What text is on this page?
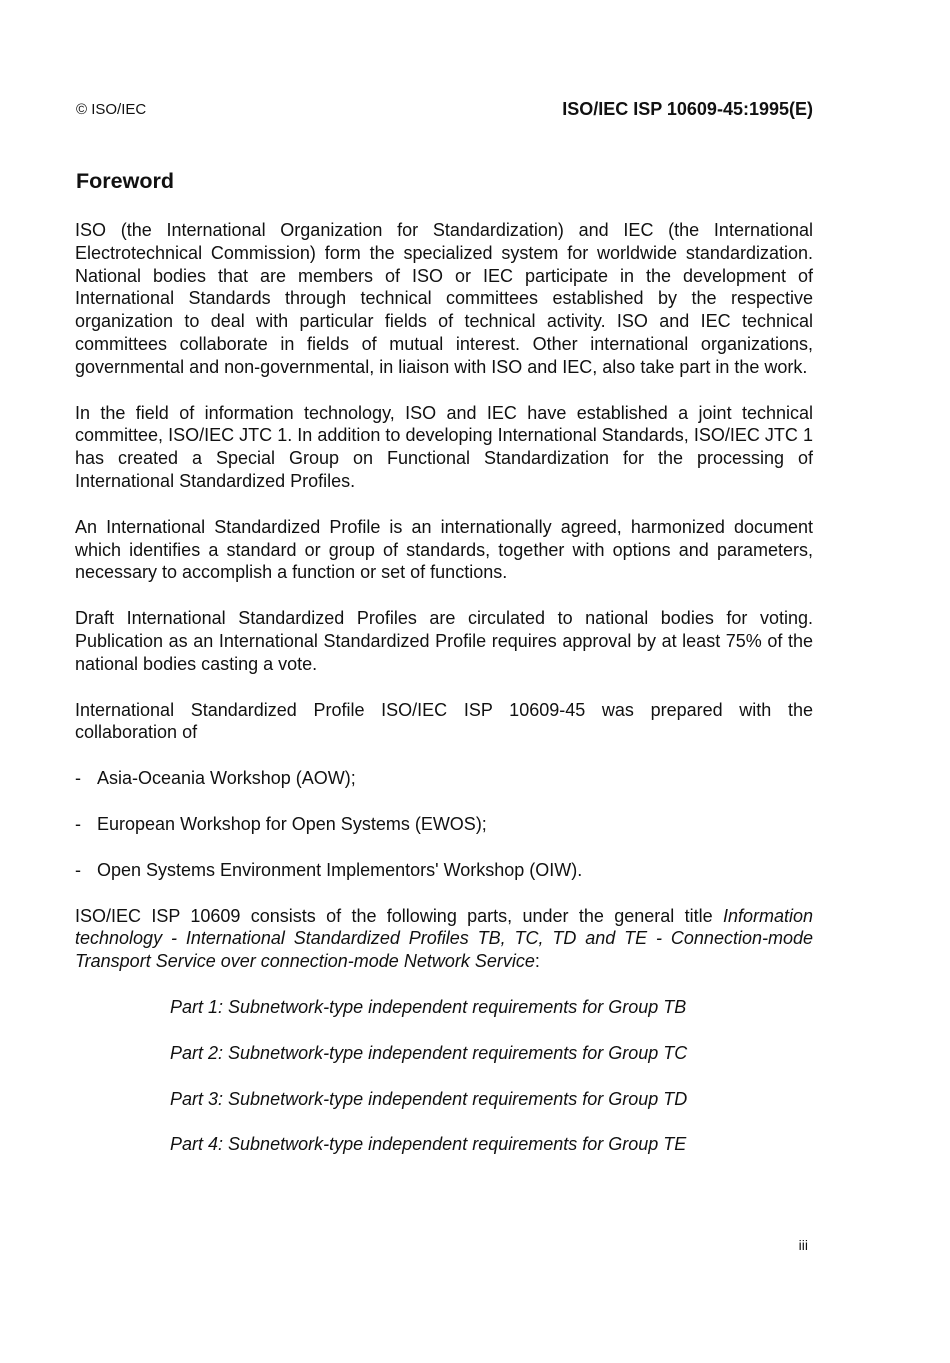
© ISO/IEC	ISO/IEC ISP 10609-45:1995(E)
Foreword

ISO (the International Organization for Standardization) and IEC (the International Electrotechnical Commission) form the specialized system for worldwide standardization. National bodies that are members of ISO or IEC participate in the development of International Standards through technical committees established by the respective organization to deal with particular fields of technical activity. ISO and IEC technical committees collaborate in fields of mutual interest. Other international organizations, governmental and non-governmental, in liaison with ISO and IEC, also take part in the work.

In the field of information technology, ISO and IEC have established a joint technical committee, ISO/IEC JTC 1. In addition to developing International Standards, ISO/IEC JTC 1 has created a Special Group on Functional Standardization for the processing of International Standardized Profiles.

An International Standardized Profile is an internationally agreed, harmonized document which identifies a standard or group of standards, together with options and parameters, necessary to accomplish a function or set of functions.

Draft International Standardized Profiles are circulated to national bodies for voting. Publication as an International Standardized Profile requires approval by at least 75% of the national bodies casting a vote.

International Standardized Profile ISO/IEC ISP 10609-45 was prepared with the collaboration of

- Asia-Oceania Workshop (AOW);
- European Workshop for Open Systems (EWOS);
- Open Systems Environment Implementors' Workshop (OIW).

ISO/IEC ISP 10609 consists of the following parts, under the general title Information technology - International Standardized Profiles TB, TC, TD and TE - Connection-mode Transport Service over connection-mode Network Service:

Part 1: Subnetwork-type independent requirements for Group TB
Part 2: Subnetwork-type independent requirements for Group TC
Part 3: Subnetwork-type independent requirements for Group TD
Part 4: Subnetwork-type independent requirements for Group TE
iii
